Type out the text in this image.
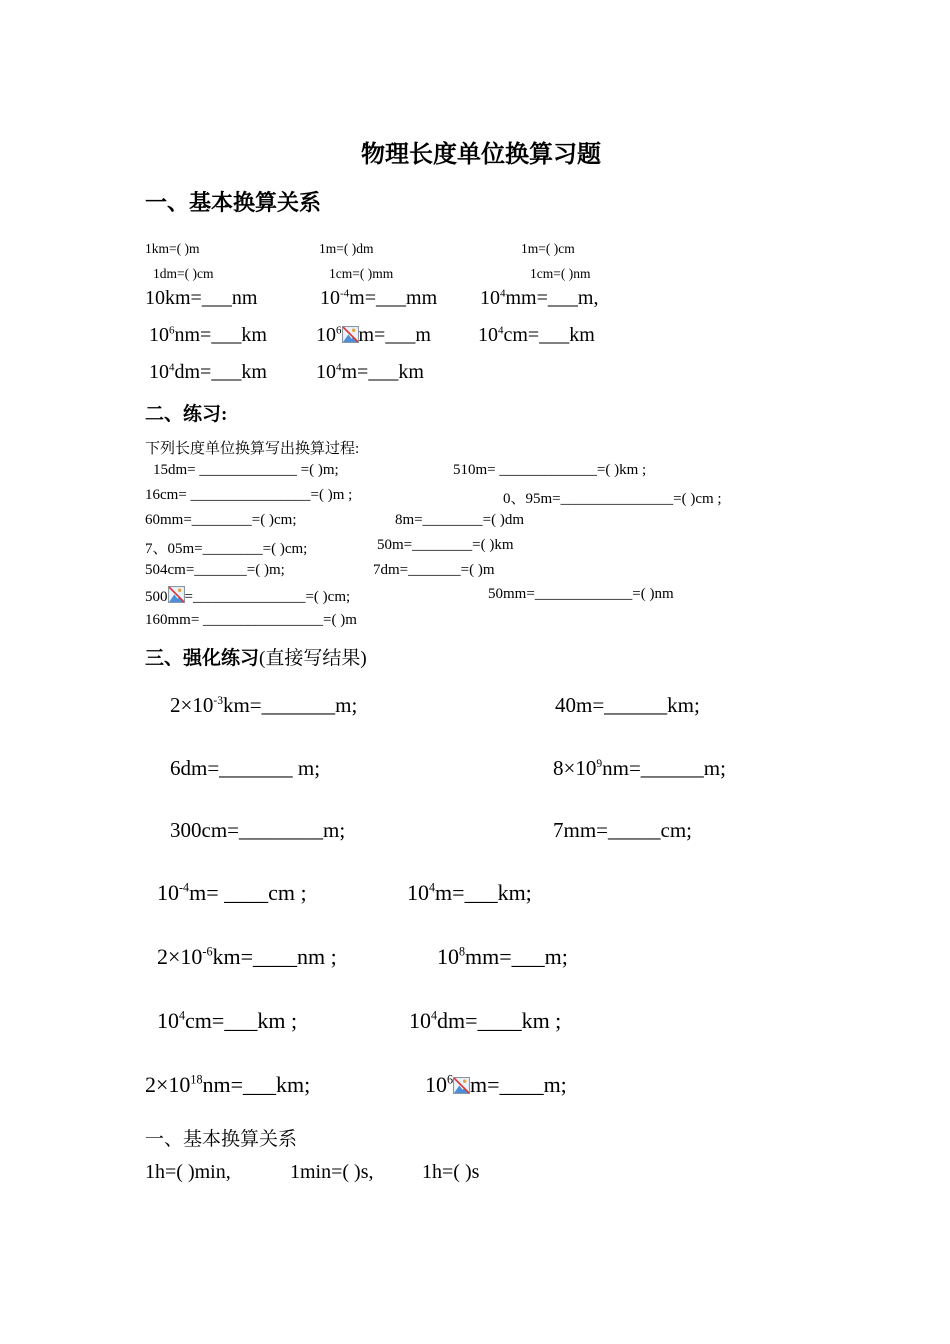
物理长度单位换算习题
一、基本换算关系
1km=( )m	1m=( )dm	1m=( )cm
1dm=( )cm	1cm=( )mm	1cm=( )nm
10km=___nm	$10^{-4}m=\_\_\_mm$ $10^4mm=\_\_\_m$,
$10^6nm=\_\_\_km$ $10^6$ m=___m $10^4cm=\_\_\_km$
$10^4dm=\_\_\_km$ $10^4m=\_\_\_km$
二、练习:
下列长度单位换算写出换算过程:
15dm= _____________ =( )m;	510m= _____________=( )km ;
16cm= ________________=( )m ;	0、95m=_______________=( )cm ;
60mm=________=( )cm;	8m=________=( )dm
7、05m=________=( )cm;	50m=________=( )km
504cm=_______=( )m;	7dm=_______=( )m
500 =_______________=( )cm;	50mm=_____________=( )nm
160mm= ________________=( )m
三、强化练习(直接写结果)
$2\times 10^{-3}km=\_\_\_\_\_\_\_m$;	40m=______km;
6dm=_______ m;	$8\times 10^9nm=\_\_\_\_\_\_m$;
300cm=________m;	7mm=_____cm;
$10^{-4}m=$ ____cm ;	$10^4m=\_\_\_km$;
$2\times 10^{-6}km=\_\_\_\_nm$ ;	$10^8mm=\_\_\_m$;
$10^4cm=\_\_\_km$ ;	$10^4dm=\_\_\_\_km$ ;
$2\times 10^{18}nm=\_\_\_km$;	$10^6$ m=____m;
一、基本换算关系
1h=( )min,	1min=( )s, 1h=( )s
